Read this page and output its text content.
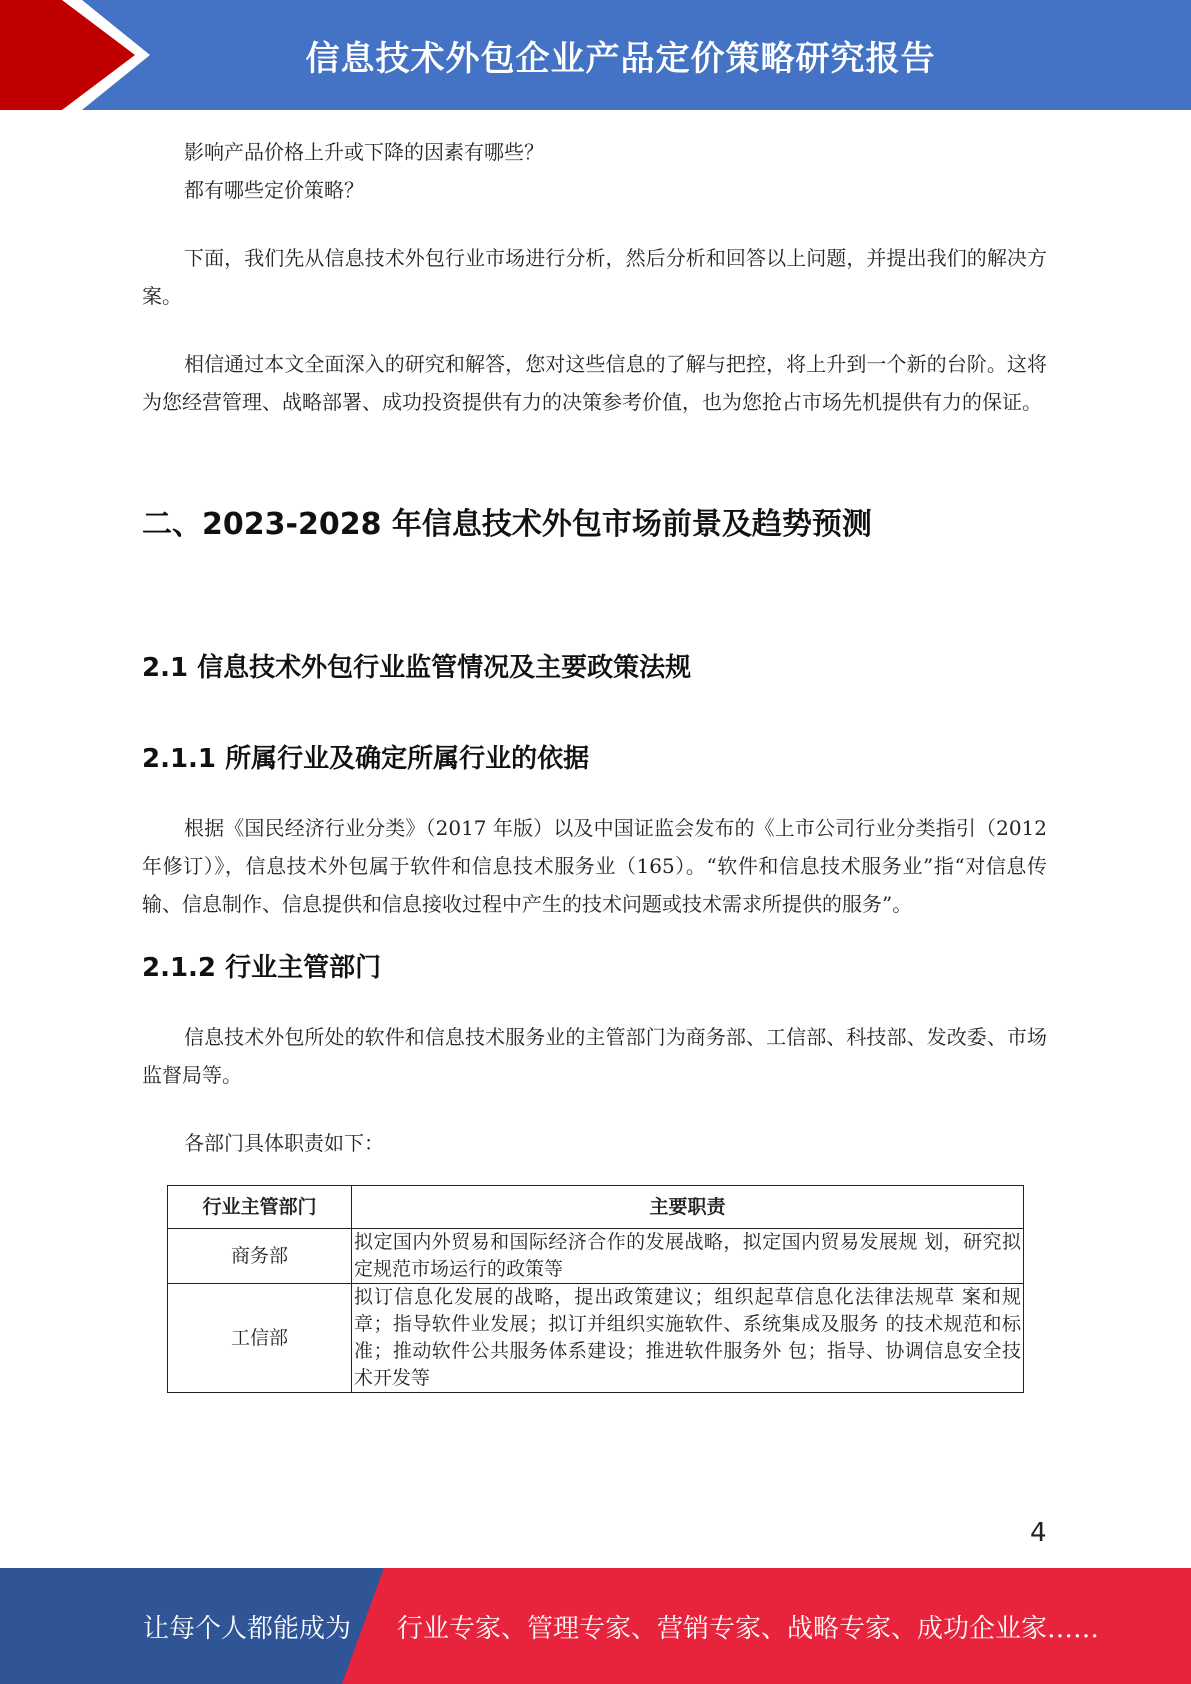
信息技术外包企业产品定价策略研究报告

影响产品价格上升或下降的因素有哪些？

都有哪些定价策略？

下面，我们先从信息技术外包行业市场进行分析，然后分析和回答以上问题，并提出我们的解决方案。

相信通过本文全面深入的研究和解答，您对这些信息的了解与把控，将上升到一个新的台阶。这将为您经营管理、战略部署、成功投资提供有力的决策参考价值，也为您抢占市场先机提供有力的保证。

二、2023-2028 年信息技术外包市场前景及趋势预测
2.1 信息技术外包行业监管情况及主要政策法规
2.1.1 所属行业及确定所属行业的依据

根据《国民经济行业分类》（2017 年版）以及中国证监会发布的《上市公司行业分类指引（2012 年修订）》，信息技术外包属于软件和信息技术服务业（165）。“软件和信息技术服务业”指“对信息传输、信息制作、信息提供和信息接收过程中产生的技术问题或技术需求所提供的服务”。

2.1.2 行业主管部门

信息技术外包所处的软件和信息技术服务业的主管部门为商务部、工信部、科技部、发改委、市场监督局等。

各部门具体职责如下：

行业主管部门	主要职责
商务部	拟定国内外贸易和国际经济合作的发展战略，拟定国内贸易发展规 划，研究拟定规范市场运行的政策等
工信部	拟订信息化发展的战略，提出政策建议；组织起草信息化法律法规草 案和规章；指导软件业发展；拟订并组织实施软件、系统集成及服务 的技术规范和标准；推动软件公共服务体系建设；推进软件服务外 包；指导、协调信息安全技术开发等
4
让每个人都能成为 行业专家、管理专家、营销专家、战略专家、成功企业家……
